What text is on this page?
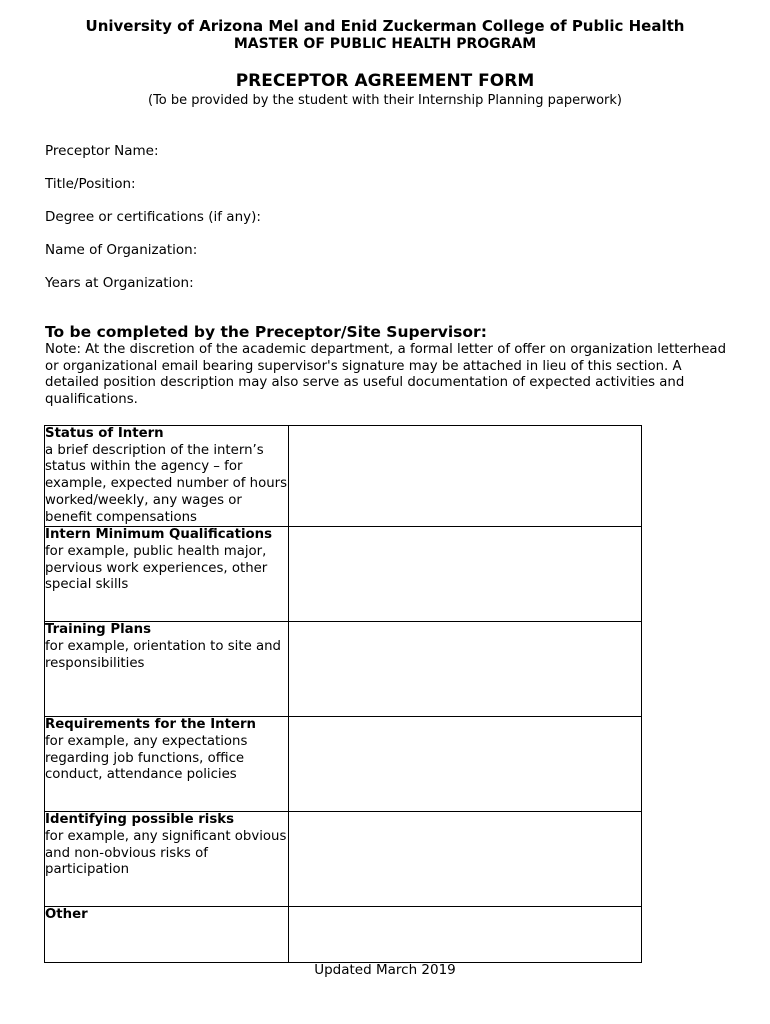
University of Arizona Mel and Enid Zuckerman College of Public Health
MASTER OF PUBLIC HEALTH PROGRAM
PRECEPTOR AGREEMENT FORM
(To be provided by the student with their Internship Planning paperwork)
Preceptor Name:
Title/Position:
Degree or certifications (if any):
Name of Organization:
Years at Organization:
To be completed by the Preceptor/Site Supervisor:
Note: At the discretion of the academic department, a formal letter of offer on organization letterhead or organizational email bearing supervisor's signature may be attached in lieu of this section. A detailed position description may also serve as useful documentation of expected activities and qualifications.
Status of Intern
a brief description of the intern’s status within the agency – for example, expected number of hours worked/weekly, any wages or benefit compensations	

Intern Minimum Qualifications
for example, public health major, pervious work experiences, other special skills	

Training Plans
for example, orientation to site and responsibilities	

Requirements for the Intern
for example, any expectations regarding job functions, office conduct, attendance policies	

Identifying possible risks
for example, any significant obvious and non-obvious risks of participation	

Other	

Updated March 2019
